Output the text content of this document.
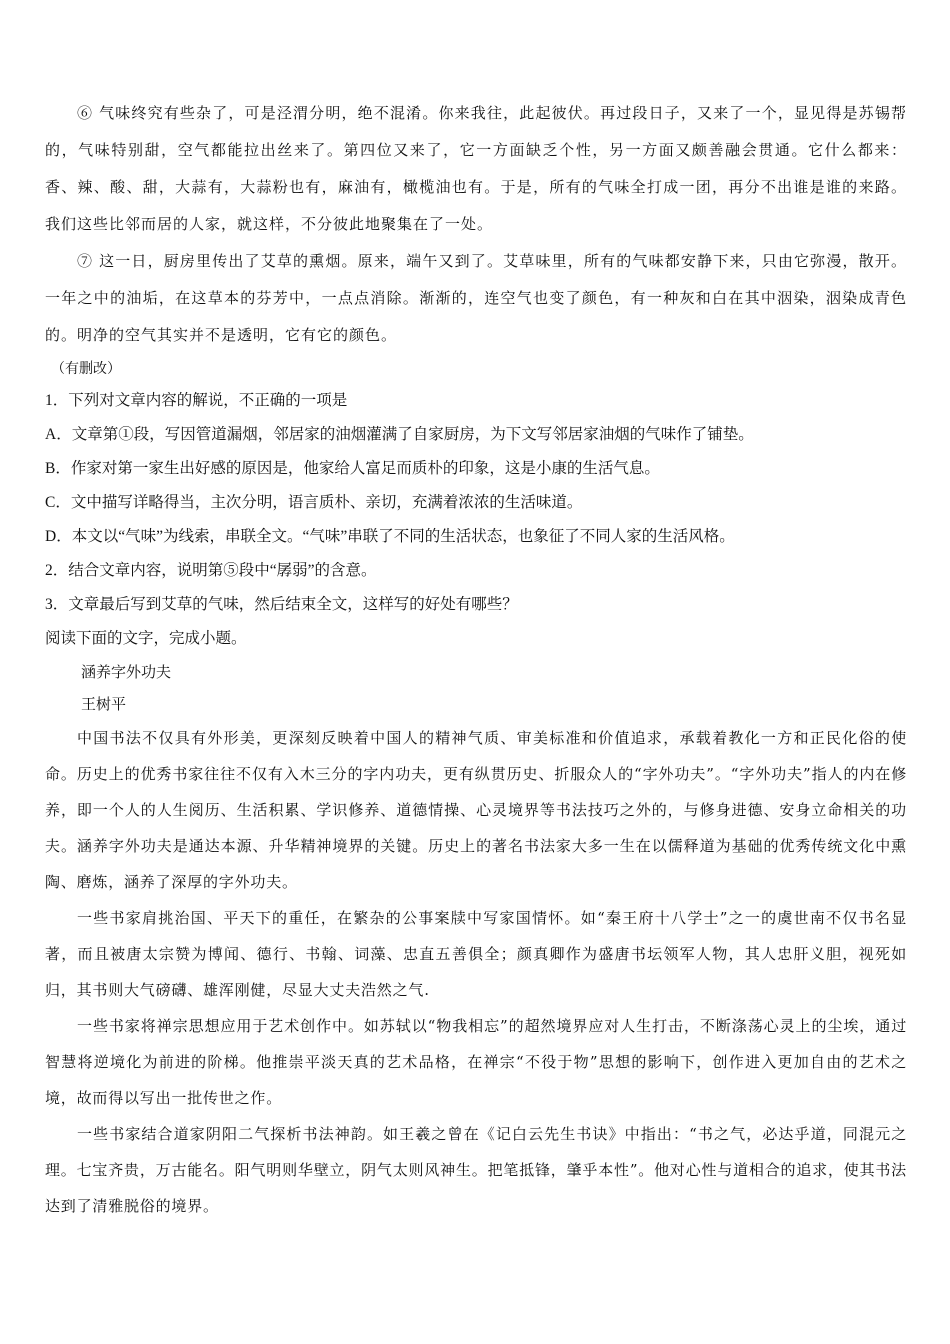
⑥ 气味终究有些杂了，可是泾渭分明，绝不混淆。你来我往，此起彼伏。再过段日子，又来了一个，显见得是苏锡帮的，气味特别甜，空气都能拉出丝来了。第四位又来了，它一方面缺乏个性，另一方面又颇善融会贯通。它什么都来：香、辣、酸、甜，大蒜有，大蒜粉也有，麻油有，橄榄油也有。于是，所有的气味全打成一团，再分不出谁是谁的来路。我们这些比邻而居的人家，就这样，不分彼此地聚集在了一处。

⑦ 这一日，厨房里传出了艾草的熏烟。原来，端午又到了。艾草味里，所有的气味都安静下来，只由它弥漫，散开。一年之中的油垢，在这草本的芬芳中，一点点消除。渐渐的，连空气也变了颜色，有一种灰和白在其中洇染，洇染成青色的。明净的空气其实并不是透明，它有它的颜色。

（有删改）

1．下列对文章内容的解说，不正确的一项是

A．文章第①段，写因管道漏烟，邻居家的油烟灌满了自家厨房，为下文写邻居家油烟的气味作了铺垫。

B．作家对第一家生出好感的原因是，他家给人富足而质朴的印象，这是小康的生活气息。

C．文中描写详略得当，主次分明，语言质朴、亲切，充满着浓浓的生活味道。

D．本文以“气味”为线索，串联全文。“气味”串联了不同的生活状态，也象征了不同人家的生活风格。

2．结合文章内容，说明第⑤段中“孱弱”的含意。

3．文章最后写到艾草的气味，然后结束全文，这样写的好处有哪些？

阅读下面的文字，完成小题。

涵养字外功夫

王树平

中国书法不仅具有外形美，更深刻反映着中国人的精神气质、审美标准和价值追求，承载着教化一方和正民化俗的使命。历史上的优秀书家往往不仅有入木三分的字内功夫，更有纵贯历史、折服众人的“字外功夫”。“字外功夫”指人的内在修养，即一个人的人生阅历、生活积累、学识修养、道德情操、心灵境界等书法技巧之外的，与修身进德、安身立命相关的功夫。涵养字外功夫是通达本源、升华精神境界的关键。历史上的著名书法家大多一生在以儒释道为基础的优秀传统文化中熏陶、磨炼，涵养了深厚的字外功夫。

一些书家肩挑治国、平天下的重任，在繁杂的公事案牍中写家国情怀。如“秦王府十八学士”之一的虞世南不仅书名显著，而且被唐太宗赞为博闻、德行、书翰、词藻、忠直五善俱全；颜真卿作为盛唐书坛领军人物，其人忠肝义胆，视死如归，其书则大气磅礴、雄浑刚健，尽显大丈夫浩然之气.

一些书家将禅宗思想应用于艺术创作中。如苏轼以“物我相忘”的超然境界应对人生打击，不断涤荡心灵上的尘埃，通过智慧将逆境化为前进的阶梯。他推崇平淡天真的艺术品格，在禅宗“不役于物”思想的影响下，创作进入更加自由的艺术之境，故而得以写出一批传世之作。

一些书家结合道家阴阳二气探析书法神韵。如王羲之曾在《记白云先生书诀》中指出：“书之气，必达乎道，同混元之理。七宝齐贵，万古能名。阳气明则华壁立，阴气太则风神生。把笔抵锋，肇乎本性”。他对心性与道相合的追求，使其书法达到了清雅脱俗的境界。
